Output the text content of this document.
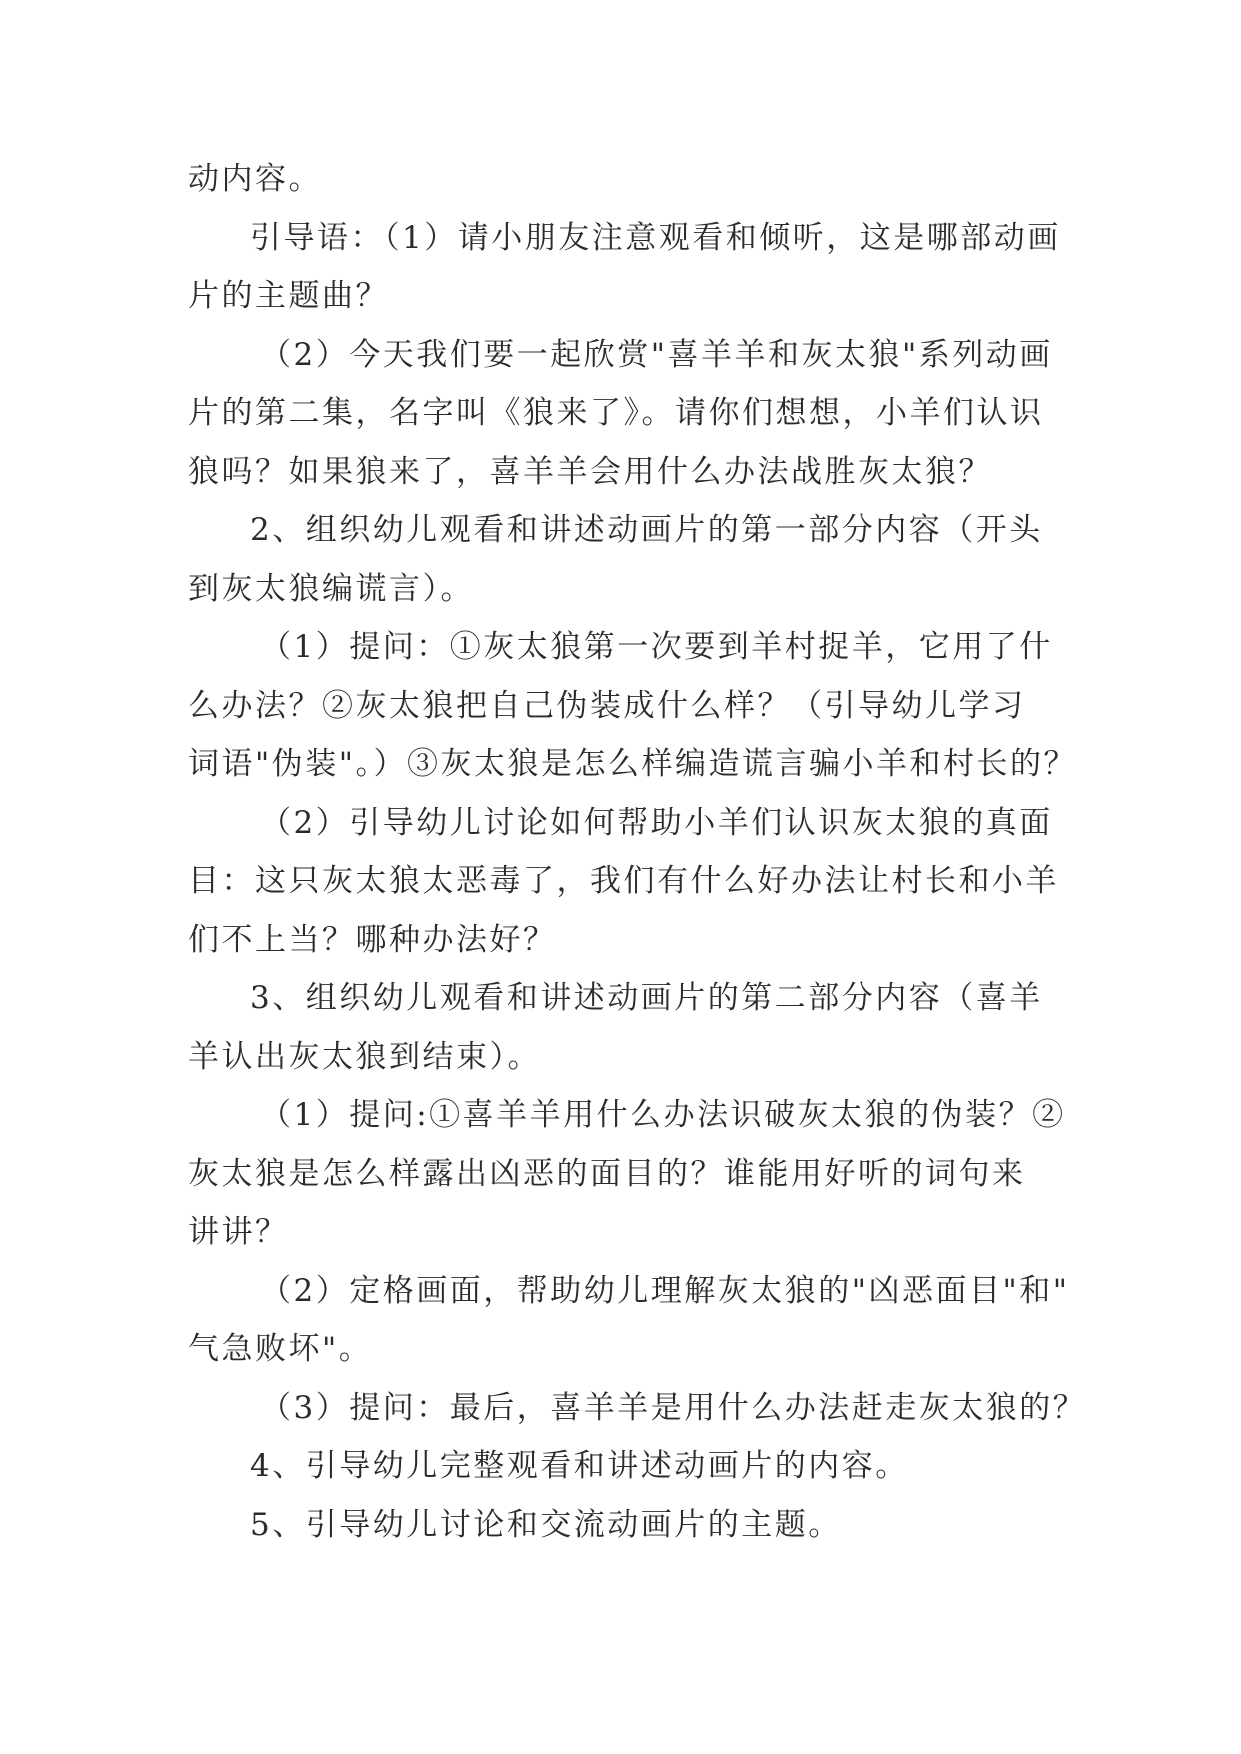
动内容。
引导语：（1）请小朋友注意观看和倾听，这是哪部动画
片的主题曲？
（2）今天我们要一起欣赏"喜羊羊和灰太狼"系列动画
片的第二集，名字叫《狼来了》。请你们想想，小羊们认识
狼吗？如果狼来了，喜羊羊会用什么办法战胜灰太狼？
2、组织幼儿观看和讲述动画片的第一部分内容（开头
到灰太狼编谎言）。
（1）提问：①灰太狼第一次要到羊村捉羊，它用了什
么办法？②灰太狼把自己伪装成什么样？（引导幼儿学习
词语"伪装"。）③灰太狼是怎么样编造谎言骗小羊和村长的？
（2）引导幼儿讨论如何帮助小羊们认识灰太狼的真面
目：这只灰太狼太恶毒了，我们有什么好办法让村长和小羊
们不上当？哪种办法好？
3、组织幼儿观看和讲述动画片的第二部分内容（喜羊
羊认出灰太狼到结束）。
（1）提问:①喜羊羊用什么办法识破灰太狼的伪装？②
灰太狼是怎么样露出凶恶的面目的？谁能用好听的词句来
讲讲？
（2）定格画面，帮助幼儿理解灰太狼的"凶恶面目"和"
气急败坏"。
（3）提问：最后，喜羊羊是用什么办法赶走灰太狼的？
4、引导幼儿完整观看和讲述动画片的内容。
5、引导幼儿讨论和交流动画片的主题。
